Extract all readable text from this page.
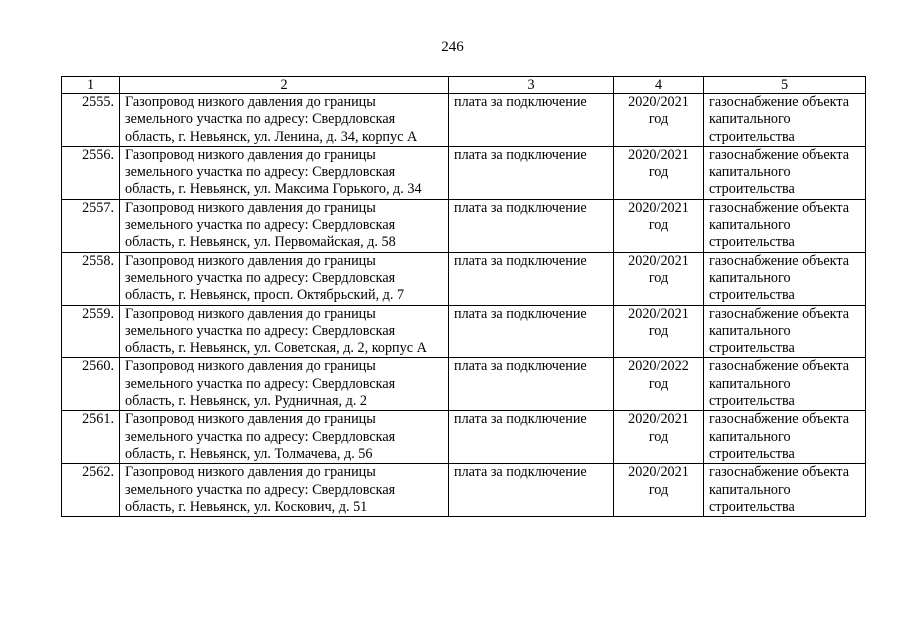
246
1	2	3	4	5
2555.	Газопровод низкого давления до границы земельного участка по адресу: Свердловская область, г. Невьянск, ул. Ленина, д. 34, корпус А	плата за подключение	2020/2021 год	газоснабжение объекта капитального строительства
2556.	Газопровод низкого давления до границы земельного участка по адресу: Свердловская область, г. Невьянск, ул. Максима Горького, д. 34	плата за подключение	2020/2021 год	газоснабжение объекта капитального строительства
2557.	Газопровод низкого давления до границы земельного участка по адресу: Свердловская область, г. Невьянск, ул. Первомайская, д. 58	плата за подключение	2020/2021 год	газоснабжение объекта капитального строительства
2558.	Газопровод низкого давления до границы земельного участка по адресу: Свердловская область, г. Невьянск, просп. Октябрьский, д. 7	плата за подключение	2020/2021 год	газоснабжение объекта капитального строительства
2559.	Газопровод низкого давления до границы земельного участка по адресу: Свердловская область, г. Невьянск, ул. Советская, д. 2, корпус А	плата за подключение	2020/2021 год	газоснабжение объекта капитального строительства
2560.	Газопровод низкого давления до границы земельного участка по адресу: Свердловская область, г. Невьянск, ул. Рудничная, д. 2	плата за подключение	2020/2022 год	газоснабжение объекта капитального строительства
2561.	Газопровод низкого давления до границы земельного участка по адресу: Свердловская область, г. Невьянск, ул. Толмачева, д. 56	плата за подключение	2020/2021 год	газоснабжение объекта капитального строительства
2562.	Газопровод низкого давления до границы земельного участка по адресу: Свердловская область, г. Невьянск, ул. Коскович, д. 51	плата за подключение	2020/2021 год	газоснабжение объекта капитального строительства
